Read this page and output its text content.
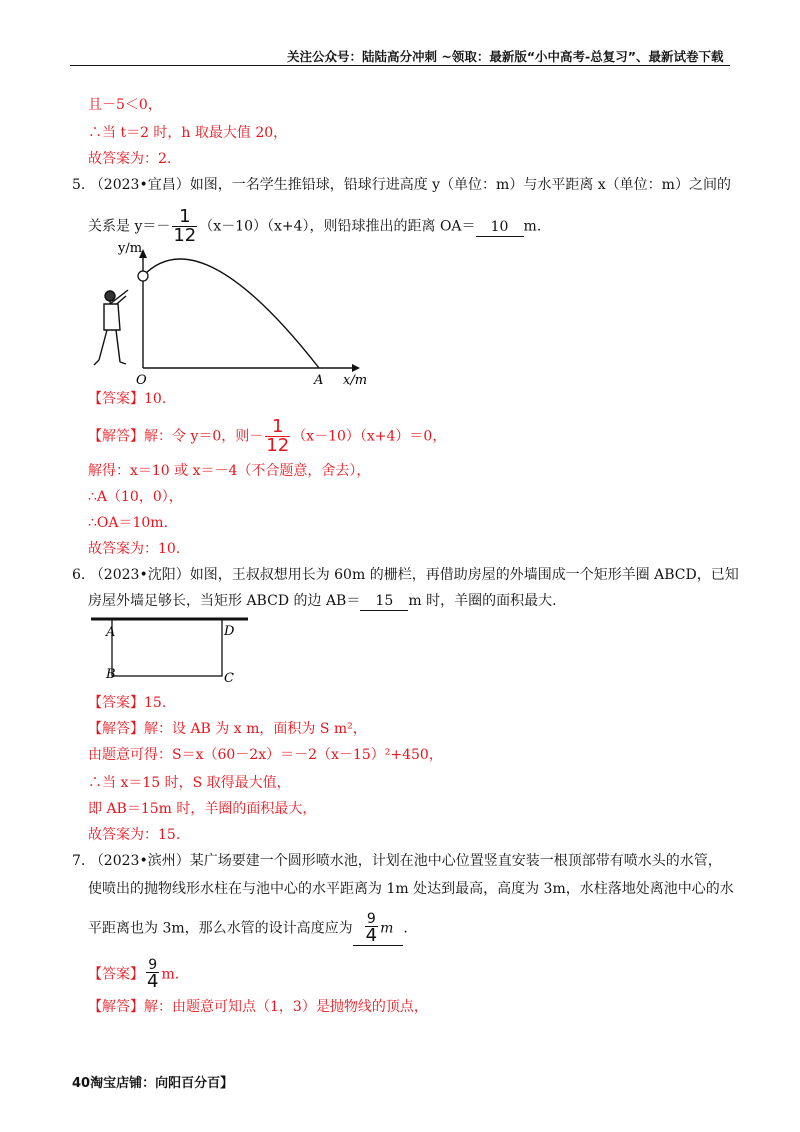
关注公众号：陆陆高分冲刺 ~领取：最新版“小中高考-总复习”、最新试卷下载
且－5＜0，
∴当 t＝2 时，h 取最大值 20，
故答案为：2.
5. （2023•宜昌）如图，一名学生推铅球，铅球行进高度 y（单位：m）与水平距离 x（单位：m）之间的
关系是 $y=- \frac{1}{12} (x-10)(x+4)$，则铅球推出的距离 OA＝ 10 m.
y/m
x/m
O	A
【答案】10.
【解答】解：令 y＝0，则－ $\frac{1}{12} (x-10)(x+4)=0$，
解得：x＝10 或 x＝－4（不合题意，舍去），
∴A（10，0），
∴OA＝10m.
故答案为：10.
6. （2023•沈阳）如图，王叔叔想用长为 60m 的栅栏，再借助房屋的外墙围成一个矩形羊圈 ABCD，已知
房屋外墙足够长，当矩形 ABCD 的边 AB＝ 15 m 时，羊圈的面积最大.
A	D
B	C
【答案】15.
【解答】解：设 AB 为 x m，面积为 S m²，
由题意可得：S＝x（60－2x）＝－2（x－15）²+450，
∴当 x＝15 时，S 取得最大值，
即 AB＝15m 时，羊圈的面积最大，
故答案为：15.
7. （2023•滨州）某广场要建一个圆形喷水池，计划在池中心位置竖直安装一根顶部带有喷水头的水管，
使喷出的抛物线形水柱在与池中心的水平距离为 1m 处达到最高，高度为 3m，水柱落地处离池中心的水
平距离也为 3m，那么水管的设计高度应为 $\frac{9}{4}$ m .
【答案】 $\frac{9}{4} m$.
【解答】解：由题意可知点（1，3）是抛物线的顶点，
40淘宝店铺：向阳百分百】
